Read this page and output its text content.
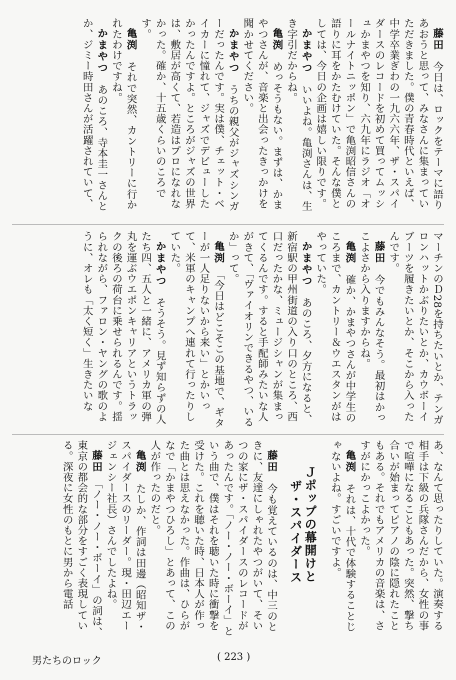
藤田　今日は、ロックをテーマに語りあおうと思って、みなさんに集まっていただきました。僕の青春時代といえば、中学卒業ぎわの一九六六年、ザ・スパイダースのレコードを初めて買ってムッシュかまやつを知り、六九年にラジオ「オールナイトニッポン」で亀渕昭信さんの語りに耳をかたむけていた。そんな僕としては、今日の企画は嬉しい限りです。

かまやつ　いいよね。亀渕さんは、生き字引だからね。

亀渕　めっそうもない。まずは、かまやつさんが、音楽と出会ったきっかけを聞かせてください。

かまやつ　うちの親父がジャズシンガーだったんです。実は僕、チェット・ベイカーに憧れて、ジャズでデビューしたかったんですよ。ところがジャズの世界は、敷居が高くて、若造はプロになれなかった。確か、十五歳くらいのころです。

亀渕　それで突然、カントリーに行かれたわけですね。

かまやつ　あのころ、寺本圭一さんとか、ジミー時田さんが活躍されていて、

マーチンのＤ28を持ちたいとか、テンガロンハットかぶりたいとか、カウボーイブーツを履きたいとか、そこから入ったんです。

藤田　今でもみんなそう。最初はかっこよさから入りますからね。

亀渕　確か、かまやつさんが中学生のころまで、カントリー＆ウエスタンがはやっていた。

かまやつ　あのころ、夕方になると、新宿駅の甲州街道の入り口のところ、西口だったかな、ミュージシャンが集まってくるんです。すると手配師みたいな人がきて、「ヴァイオリンできるやつ、いるか」って。

亀渕　「今日はどこそこの基地で、ギターが一人足りないから来い」とかいって、米軍のキャンプへ連れて行ったりしていた。

かまやつ　そうそう。見ず知らずの人たち四、五人と一緒に、アメリカ軍の弾丸を運ぶウエポンキャリアというトラックの後ろの荷台に乗せられるんです。揺られながら、ファロン・ヤングの歌のように、オレも「太く短く」生きたいな

あ、なんて思ったりしていた。演奏する相手は下級の兵隊さんだから、女性の事で喧嘩になることもあった。突然、撃ち合いが始まってピアノの陰に隠れたこともある。それでもアメリカの音楽は、さすがにかっこよかった。

亀渕　それは、十代で体験することじゃないよね。すごいですよ。

Ｊポップの幕開けと
ザ・スパイダース

藤田　今も覚えているのは、中三のときに、友達にしゃれたやつがいて、そいつの家にザ・スパイダースのレコードがあったんです。「ノー・ノー・ボーイ」という曲で、僕はそれを聴いた時に衝撃を受けた。これを聴いた時、日本人が作った曲とは思えなかった。作曲は、ひらがなで「かまやつひろし」とあって、この人が作ったのだと。

亀渕　たしか、作詞は田邊（昭知ザ・スパイダースのリーダー。現・田辺エージェンシー社長）さんでしたよね。

藤田　「ノー・ノー・ボーイ」の詞は、東京の都会的な部分をすごく表現している。深夜に女性のもとに男から電話

男たちのロック	( 223 )
